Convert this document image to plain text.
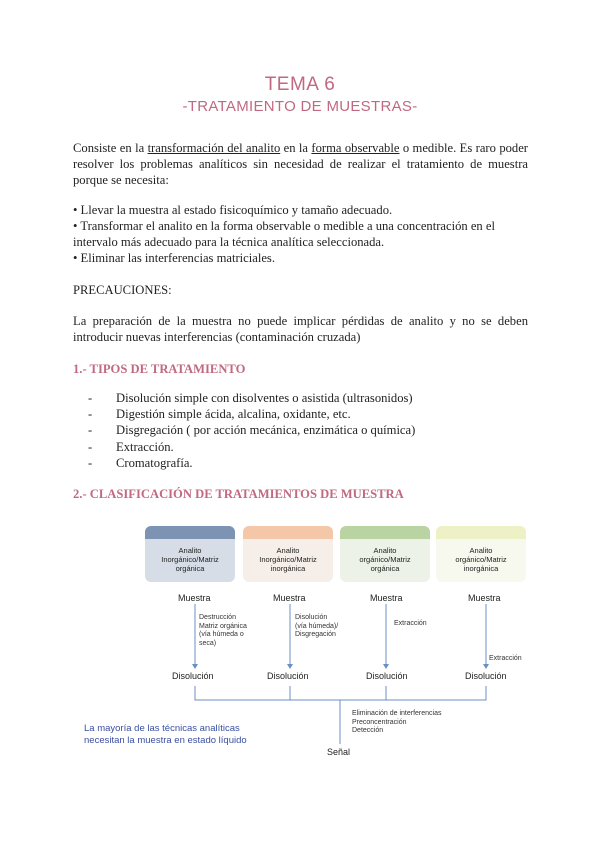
TEMA 6
-TRATAMIENTO DE MUESTRAS-
Consiste en la transformación del analito en la forma observable o medible. Es raro poder resolver los problemas analíticos sin necesidad de realizar el tratamiento de muestra porque se necesita:
• Llevar la muestra al estado fisicoquímico y tamaño adecuado.
• Transformar el analito en la forma observable o medible a una concentración en el intervalo más adecuado para la técnica analítica seleccionada.
• Eliminar las interferencias matriciales.
PRECAUCIONES:
La preparación de la muestra no puede implicar pérdidas de analito y no se deben introducir nuevas interferencias (contaminación cruzada)
1.- TIPOS DE TRATAMIENTO
- Disolución simple con disolventes o asistida (ultrasonidos)
- Digestión simple ácida, alcalina, oxidante, etc.
- Disgregación ( por acción mecánica, enzimática o química)
- Extracción.
- Cromatografía.
2.- CLASIFICACIÓN DE TRATAMIENTOS DE MUESTRA
Analito
Inorgánico/Matriz
orgánica
Analito
Inorgánico/Matriz
inorgánica
Analito
orgánico/Matriz
orgánica
Analito
orgánico/Matriz
inorgánica
Muestra	Muestra	Muestra	Muestra
Destrucción
Matriz orgánica
(vía húmeda o
seca)
Disolución
(vía húmeda)/
Disgregación
Extracción
Extracción
Disolución	Disolución	Disolución	Disolución
Eliminación de interferencias
Preconcentración
Detección
Señal
La mayoría de las técnicas analíticas
necesitan la muestra en estado líquido
